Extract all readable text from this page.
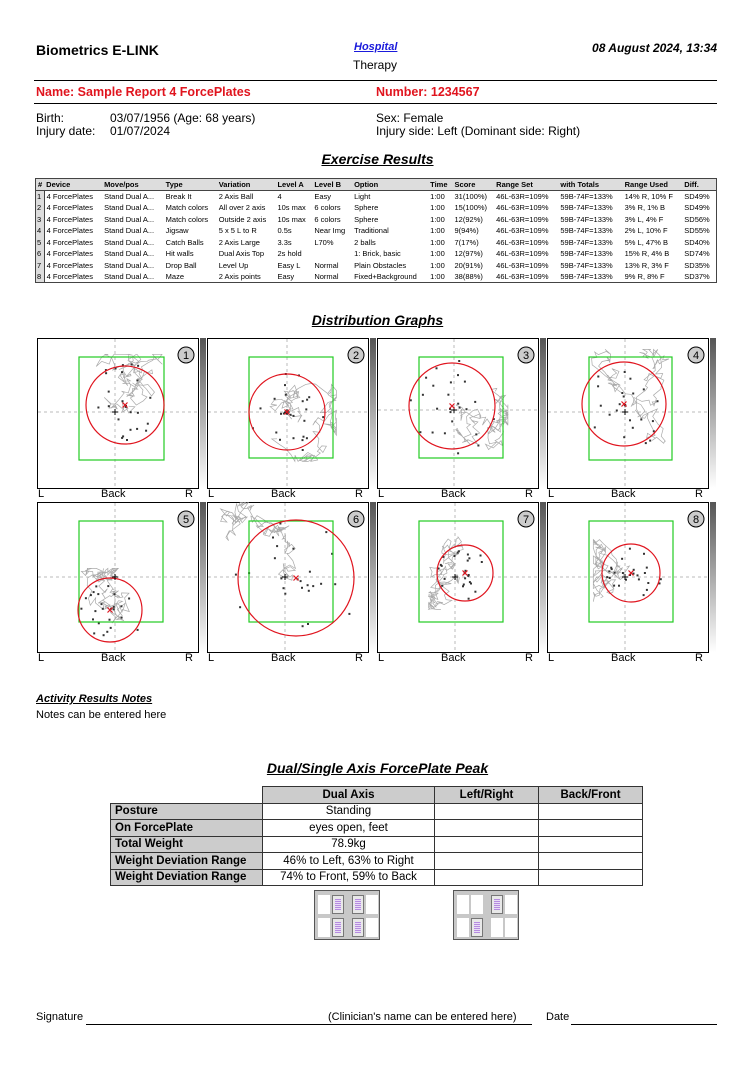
Biometrics E-LINK	Hospital
Therapy
08 August 2024, 13:34
Name: Sample Report 4 ForcePlates	Number: 1234567
Birth:	03/07/1956 (Age: 68 years)
Injury date: 01/07/2024
Sex: Female
Injury side: Left (Dominant side: Right)
Exercise Results
#	Device	Move/pos	Type	Variation	Level A	Level B	Option	Time	Score	Range Set	with Totals	Range Used	Diff.
1	4 ForcePlates	Stand Dual A...	Break It	2 Axis Ball	4	Easy	Light	1:00	31(100%)	46L-63R=109%	59B-74F=133%	14% R, 10% F	SD49%
2	4 ForcePlates	Stand Dual A...	Match colors	All over 2 axis	10s max	6 colors	Sphere	1:00	15(100%)	46L-63R=109%	59B-74F=133%	3% R, 1% B	SD49%
3	4 ForcePlates	Stand Dual A...	Match colors	Outside 2 axis	10s max	6 colors	Sphere	1:00	12(92%)	46L-63R=109%	59B-74F=133%	3% L, 4% F	SD56%
4	4 ForcePlates	Stand Dual A...	Jigsaw	5 x 5 L to R	0.5s	Near Img	Traditional	1:00	9(94%)	46L-63R=109%	59B-74F=133%	2% L, 10% F	SD55%
5	4 ForcePlates	Stand Dual A...	Catch Balls	2 Axis Large	3.3s	L70%	2 balls	1:00	7(17%)	46L-63R=109%	59B-74F=133%	5% L, 47% B	SD40%
6	4 ForcePlates	Stand Dual A...	Hit walls	Dual Axis Top	2s hold		1: Brick, basic	1:00	12(97%)	46L-63R=109%	59B-74F=133%	15% R, 4% B	SD74%
7	4 ForcePlates	Stand Dual A...	Drop Ball	Level Up	Easy L	Normal	Plain Obstacles	1:00	20(91%)	46L-63R=109%	59B-74F=133%	13% R, 3% F	SD35%
8	4 ForcePlates	Stand Dual A...	Maze	2 Axis points	Easy	Normal	Fixed+Background	1:00	38(88%)	46L-63R=109%	59B-74F=133%	9% R, 8% F	SD37%
Distribution Graphs
1
L	Back	R
2
L	Back	R
3
L	Back	R
4
L	Back	R
5
L	Back	R
6
L	Back	R
7
L	Back	R
8
L	Back	R
Activity Results Notes
Notes can be entered here
Dual/Single Axis ForcePlate Peak
	Dual Axis	Left/Right	Back/Front
Posture	Standing		
On ForcePlate	eyes open, feet		
Total Weight	78.9kg		
Weight Deviation Range	46% to Left, 63% to Right		
Weight Deviation Range	74% to Front, 59% to Back		
Signature	(Clinician's name can be entered here)	Date
